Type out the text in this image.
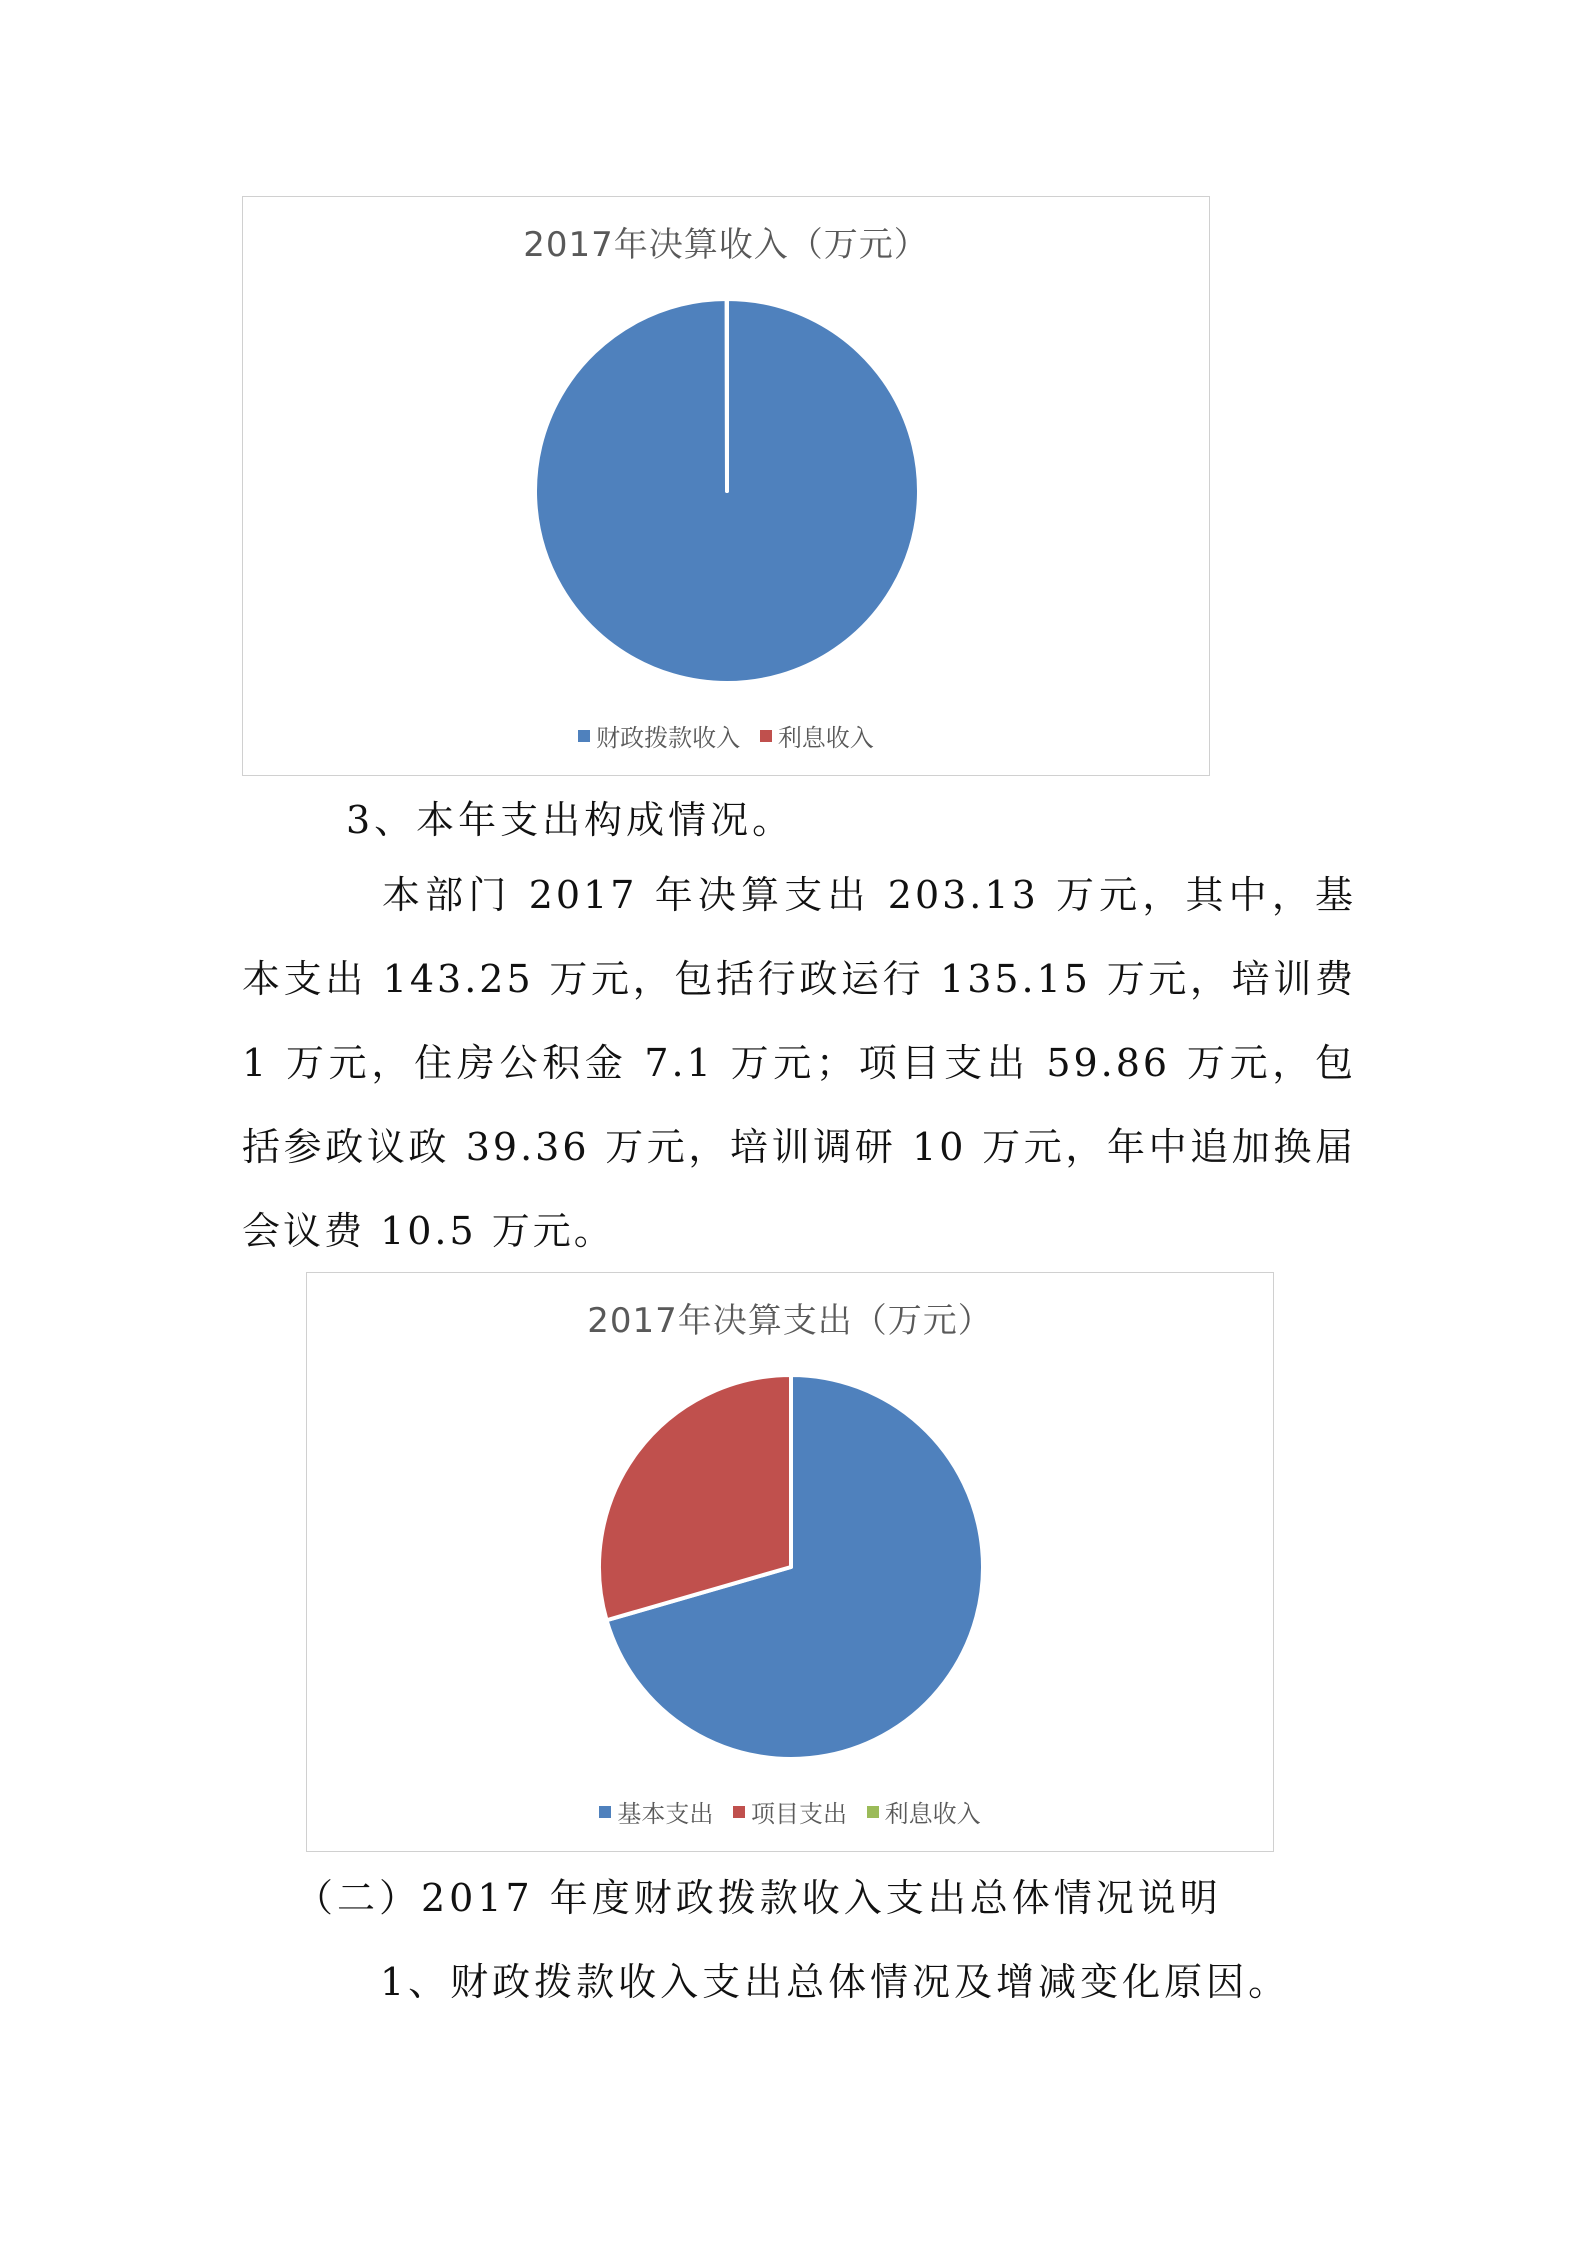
2017年决算收入（万元）
财政拨款收入
利息收入

3、本年支出构成情况。

本部门 2017 年决算支出 203.13 万元，其中，基本支出 143.25 万元，包括行政运行 135.15 万元，培训费 1 万元，住房公积金 7.1 万元；项目支出 59.86 万元，包括参政议政 39.36 万元，培训调研 10 万元，年中追加换届会议费 10.5 万元。

2017年决算支出（万元）
基本支出
项目支出
利息收入

（二）2017 年度财政拨款收入支出总体情况说明

1、财政拨款收入支出总体情况及增减变化原因。
